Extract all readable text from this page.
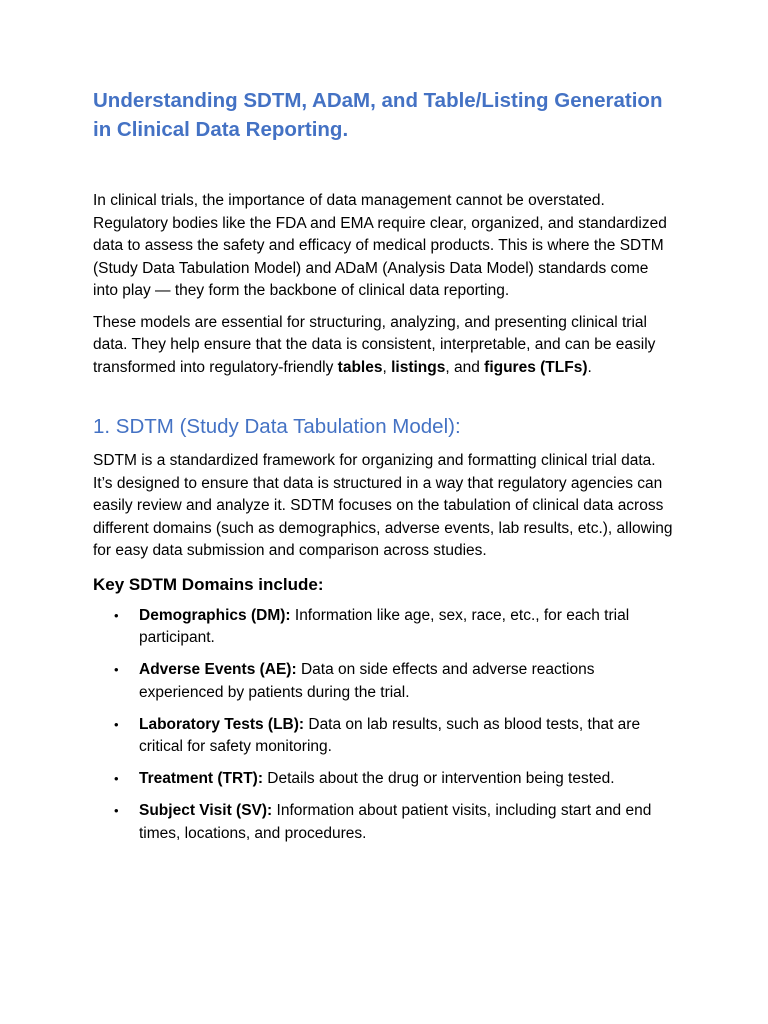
Understanding SDTM, ADaM, and Table/Listing Generation in Clinical Data Reporting.

In clinical trials, the importance of data management cannot be overstated. Regulatory bodies like the FDA and EMA require clear, organized, and standardized data to assess the safety and efficacy of medical products. This is where the SDTM (Study Data Tabulation Model) and ADaM (Analysis Data Model) standards come into play — they form the backbone of clinical data reporting.

These models are essential for structuring, analyzing, and presenting clinical trial data. They help ensure that the data is consistent, interpretable, and can be easily transformed into regulatory-friendly tables, listings, and figures (TLFs).

1. SDTM (Study Data Tabulation Model):

SDTM is a standardized framework for organizing and formatting clinical trial data. It’s designed to ensure that data is structured in a way that regulatory agencies can easily review and analyze it. SDTM focuses on the tabulation of clinical data across different domains (such as demographics, adverse events, lab results, etc.), allowing for easy data submission and comparison across studies.

Key SDTM Domains include:
• Demographics (DM): Information like age, sex, race, etc., for each trial participant.
• Adverse Events (AE): Data on side effects and adverse reactions experienced by patients during the trial.
• Laboratory Tests (LB): Data on lab results, such as blood tests, that are critical for safety monitoring.
• Treatment (TRT): Details about the drug or intervention being tested.
• Subject Visit (SV): Information about patient visits, including start and end times, locations, and procedures.
